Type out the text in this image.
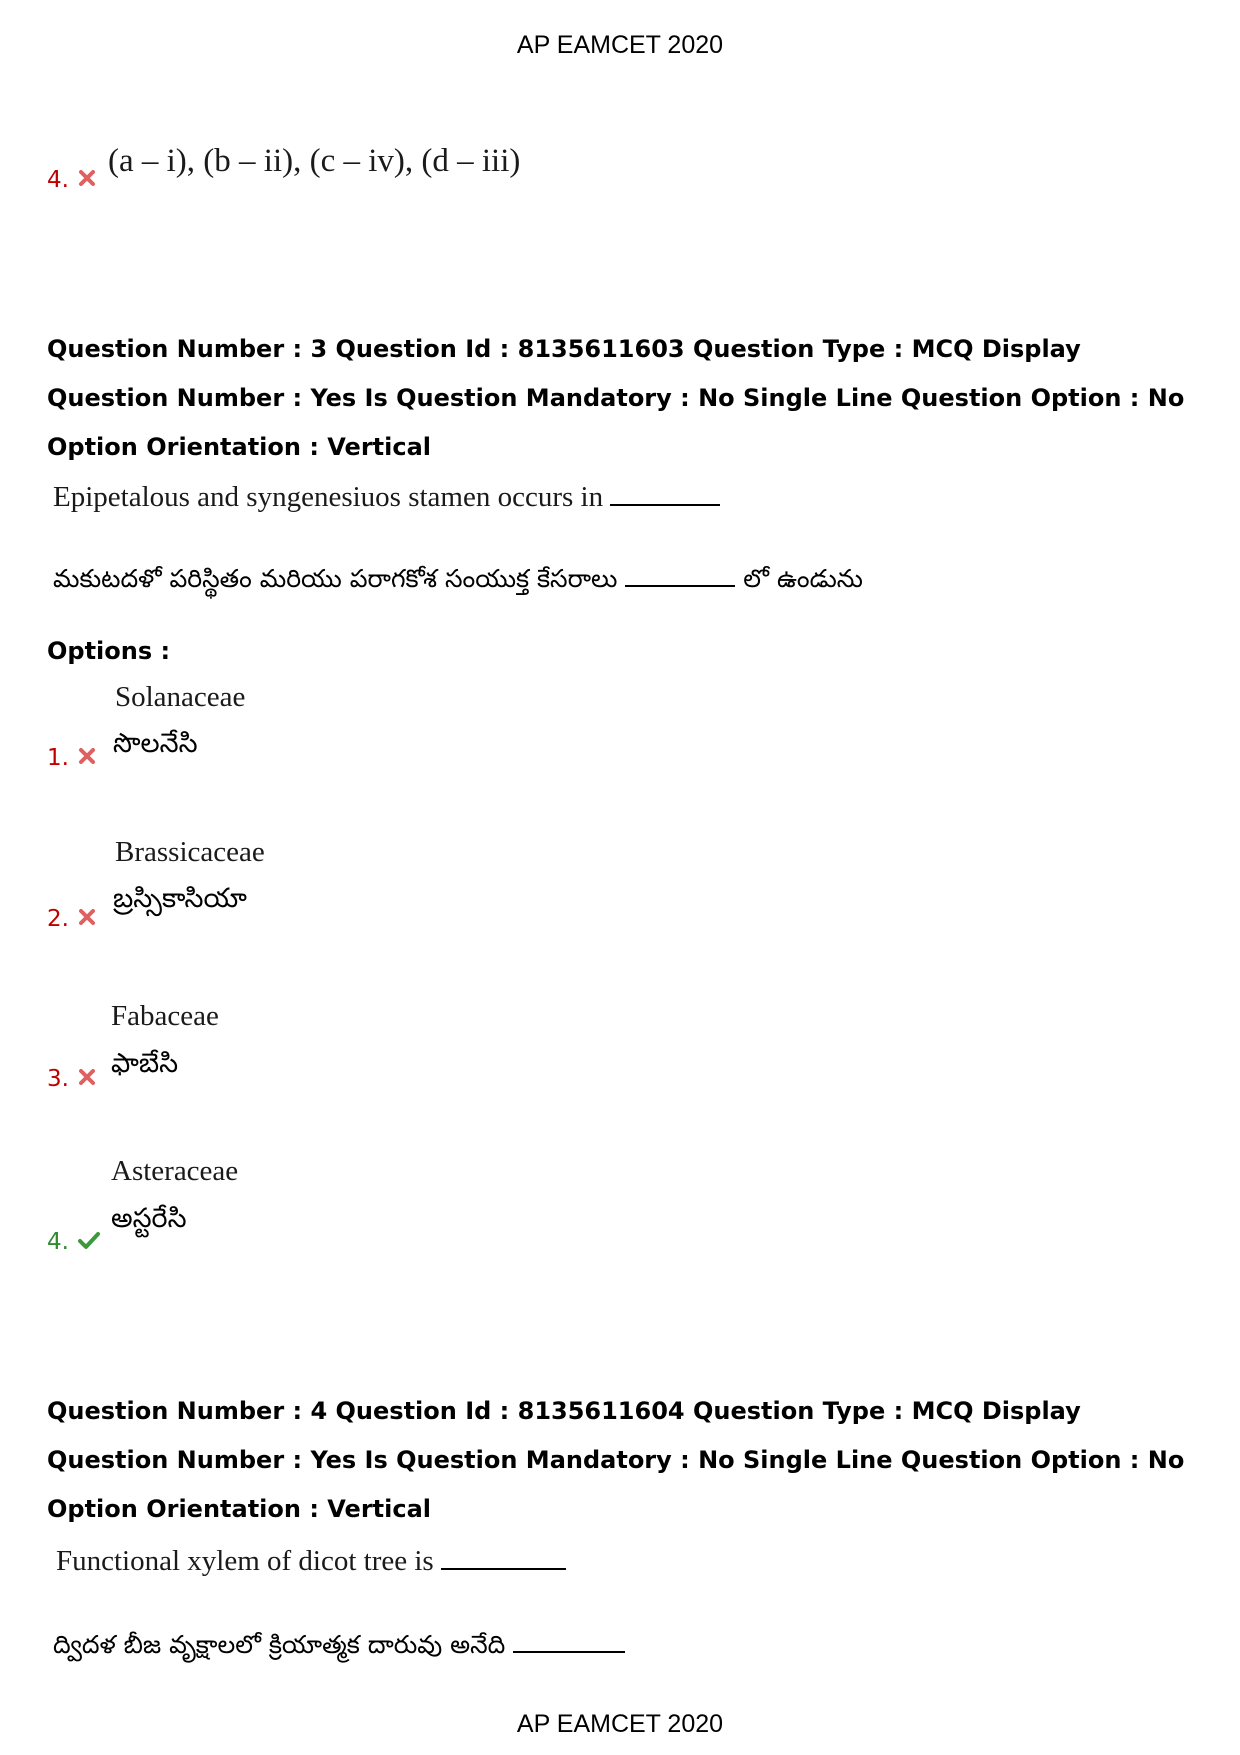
AP EAMCET 2020
4.
(a – i), (b – ii), (c – iv), (d – iii)

Question Number : 3 Question Id : 8135611603 Question Type : MCQ Display Question Number : Yes Is Question Mandatory : No Single Line Question Option : No Option Orientation : Vertical

Epipetalous and syngenesiuos stamen occurs in
మకుటదళో పరిస్థితం మరియు పరాగకోశ సంయుక్త కేసరాలు	లో ఉండును
Options :
Solanaceae
సొలనేసి
1.
Brassicaceae
బ్రస్సికాసియా
2.
Fabaceae
ఫాబేసి
3.
Asteraceae
అస్టరేసి
4.

Question Number : 4 Question Id : 8135611604 Question Type : MCQ Display Question Number : Yes Is Question Mandatory : No Single Line Question Option : No Option Orientation : Vertical

Functional xylem of dicot tree is
ద్విదళ బీజ వృక్షాలలో క్రియాత్మక దారువు అనేది
AP EAMCET 2020
